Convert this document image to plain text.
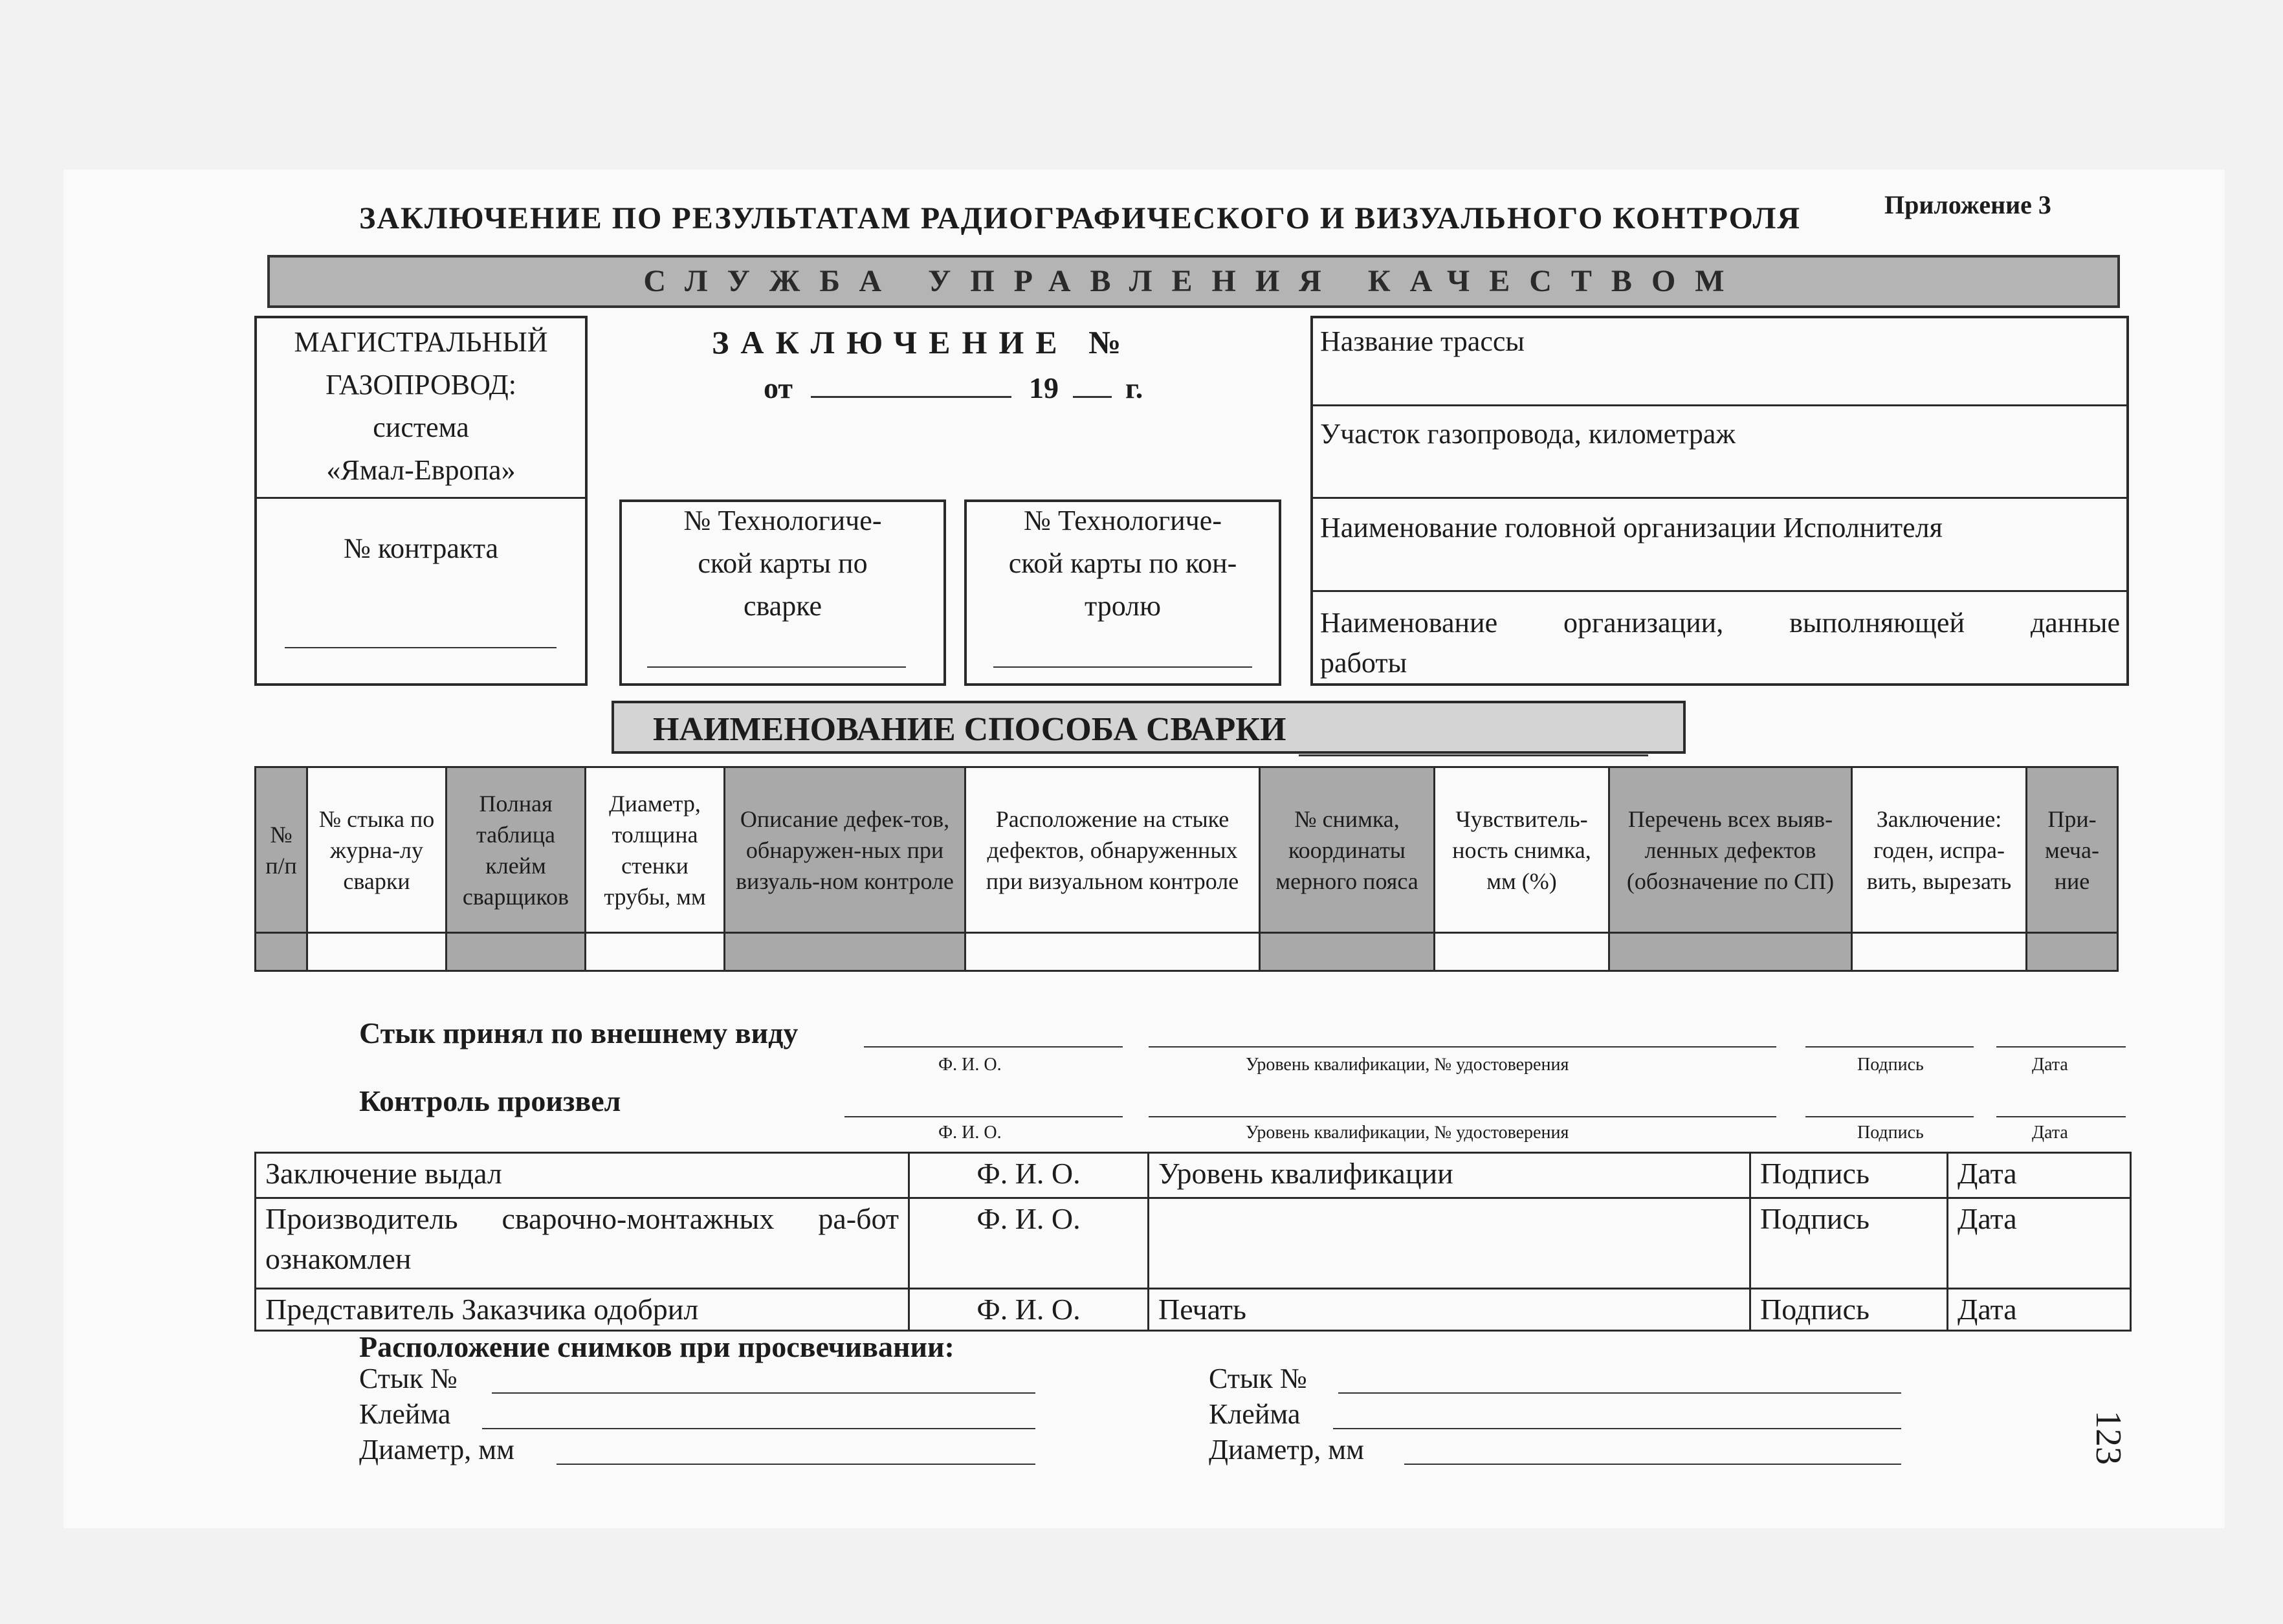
ЗАКЛЮЧЕНИЕ ПО РЕЗУЛЬТАТАМ РАДИОГРАФИЧЕСКОГО И ВИЗУАЛЬНОГО КОНТРОЛЯ	Приложение 3
СЛУЖБА УПРАВЛЕНИЯ КАЧЕСТВОМ
МАГИСТРАЛЬНЫЙ
ГАЗОПРОВОД:
система
«Ямал-Европа»
№ контракта
ЗАКЛЮЧЕНИЕ №
от	19 г.
№ Технологиче-
ской карты по
сварке
№ Технологиче-
ской карты по кон-
тролю
Название трассы
Участок газопровода, километраж
Наименование головной организации Исполнителя
Наименование организации, выполняющей данные
работы
НАИМЕНОВАНИЕ СПОСОБА СВАРКИ
№ п/п	№ стыка по журна-лу сварки	Полная таблица клейм сварщиков	Диаметр, толщина стенки трубы, мм	Описание дефек-тов, обнаружен-ных при визуаль-ном контроле	Расположение на стыке дефектов, обнаруженных при визуальном контроле	№ снимка, координаты мерного пояса	Чувствитель-ность снимка, мм (%)	Перечень всех выяв-ленных дефектов (обозначение по СП)	Заключение: годен, испра-вить, вырезать	При-меча-ние

Стык принял по внешнему виду
Ф. И. О.	Уровень квалификации, № удостоверения	Подпись	Дата
Контроль произвел
Ф. И. О.	Уровень квалификации, № удостоверения	Подпись	Дата
Заключение выдал	Ф. И. О.	Уровень квалификации	Подпись	Дата
Производитель сварочно-монтажных ра-бот ознакомлен	Ф. И. О.		Подпись	Дата
Представитель Заказчика одобрил	Ф. И. О.	Печать	Подпись	Дата
Расположение снимков при просвечивании:
Стык №
Клейма
Диаметр, мм
Стык №
Клейма
Диаметр, мм	123
